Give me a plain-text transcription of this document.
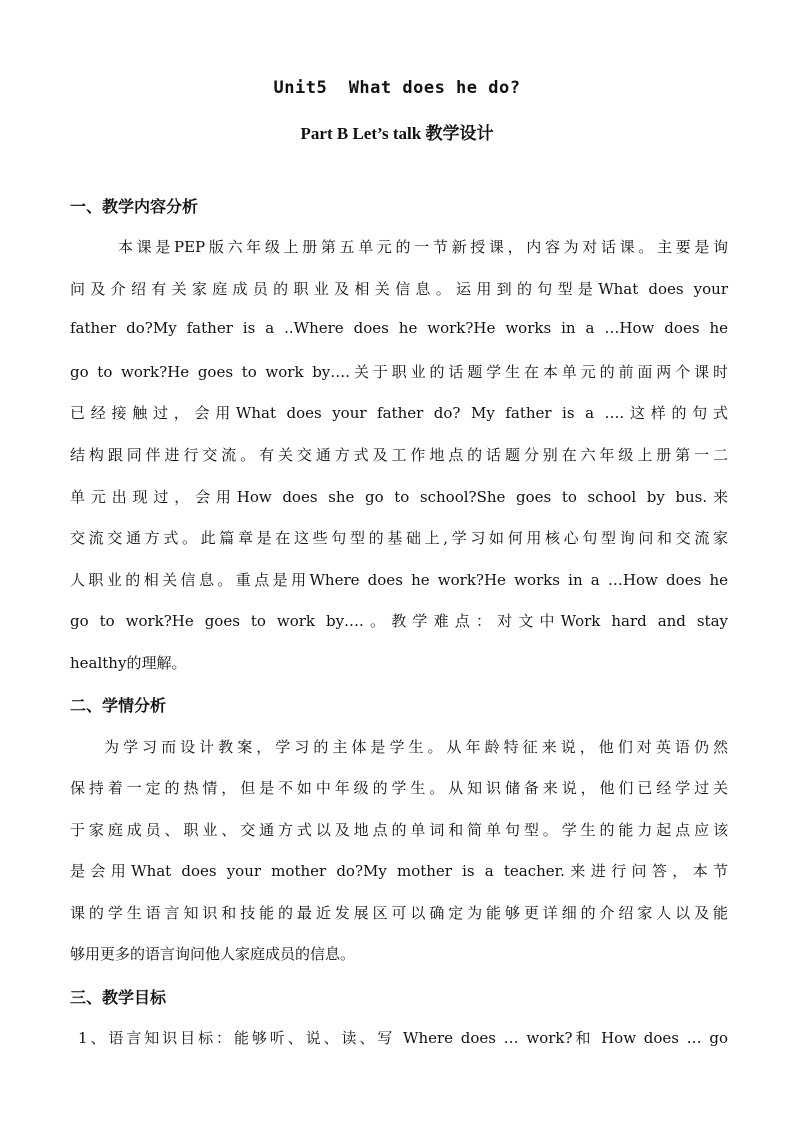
Unit5  What does he do?
Part B Let’s talk 教学设计
一、教学内容分析
本课是PEP版六年级上册第五单元的一节新授课，内容为对话课。主要是询
问及介绍有关家庭成员的职业及相关信息。运用到的句型是What does your
father do?My father is a ..Where does he work?He works in a …How does he
go to work?He goes to work by….关于职业的话题学生在本单元的前面两个课时
已经接触过，会用What does your father do? My father is a ….这样的句式
结构跟同伴进行交流。有关交通方式及工作地点的话题分别在六年级上册第一二
单元出现过，会用How does she go to school?She goes to school by bus.来
交流交通方式。此篇章是在这些句型的基础上,学习如何用核心句型询问和交流家
人职业的相关信息。重点是用Where does he work?He works in a …How does he
go to work?He goes to work by….。教学难点：对文中Work hard and stay
healthy的理解。
二、学情分析
为学习而设计教案，学习的主体是学生。从年龄特征来说，他们对英语仍然
保持着一定的热情，但是不如中年级的学生。从知识储备来说，他们已经学过关
于家庭成员、职业、交通方式以及地点的单词和简单句型。学生的能力起点应该
是会用What does your mother do?My mother is a teacher.来进行问答，本节
课的学生语言知识和技能的最近发展区可以确定为能够更详细的介绍家人以及能
够用更多的语言询问他人家庭成员的信息。
三、教学目标
1、语言知识目标：能够听、说、读、写 Where does … work?和 How does … go
